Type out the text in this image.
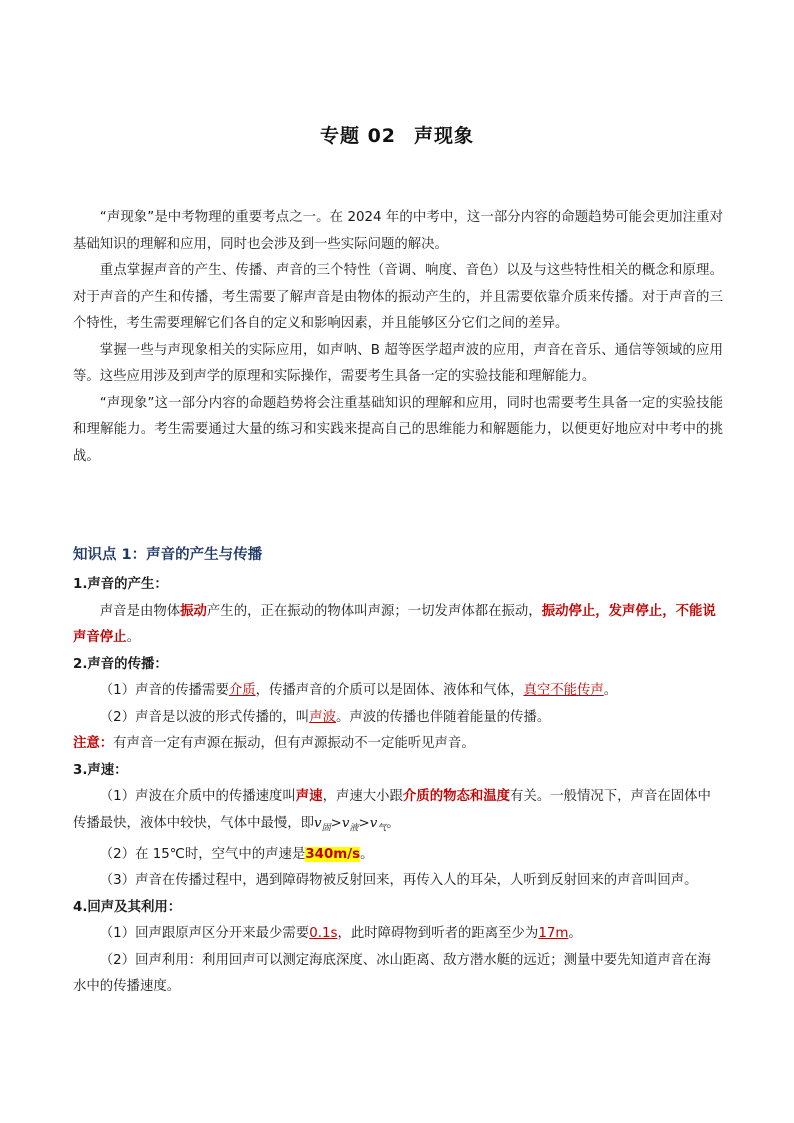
专题 02 声现象

“声现象”是中考物理的重要考点之一。在 2024 年的中考中，这一部分内容的命题趋势可能会更加注重对基础知识的理解和应用，同时也会涉及到一些实际问题的解决。

重点掌握声音的产生、传播、声音的三个特性（音调、响度、音色）以及与这些特性相关的概念和原理。对于声音的产生和传播，考生需要了解声音是由物体的振动产生的，并且需要依靠介质来传播。对于声音的三个特性，考生需要理解它们各自的定义和影响因素，并且能够区分它们之间的差异。

掌握一些与声现象相关的实际应用，如声呐、B 超等医学超声波的应用，声音在音乐、通信等领域的应用等。这些应用涉及到声学的原理和实际操作，需要考生具备一定的实验技能和理解能力。

“声现象”这一部分内容的命题趋势将会注重基础知识的理解和应用，同时也需要考生具备一定的实验技能和理解能力。考生需要通过大量的练习和实践来提高自己的思维能力和解题能力，以便更好地应对中考中的挑战。

知识点 1：声音的产生与传播

1.声音的产生：

声音是由物体振动产生的，正在振动的物体叫声源；一切发声体都在振动，振动停止，发声停止，不能说声音停止。

2.声音的传播：

（1）声音的传播需要介质，传播声音的介质可以是固体、液体和气体，真空不能传声。

（2）声音是以波的形式传播的，叫声波。声波的传播也伴随着能量的传播。

注意：有声音一定有声源在振动，但有声源振动不一定能听见声音。

3.声速：

（1）声波在介质中的传播速度叫声速，声速大小跟介质的物态和温度有关。一般情况下，声音在固体中传播最快，液体中较快，气体中最慢，即$v_固>v_液>v_气$。

（2）在 15℃时，空气中的声速是340m/s。

（3）声音在传播过程中，遇到障碍物被反射回来，再传入人的耳朵，人听到反射回来的声音叫回声。

4.回声及其利用：

（1）回声跟原声区分开来最少需要0.1s，此时障碍物到听者的距离至少为17m。

（2）回声利用：利用回声可以测定海底深度、冰山距离、敌方潜水艇的远近；测量中要先知道声音在海水中的传播速度。
